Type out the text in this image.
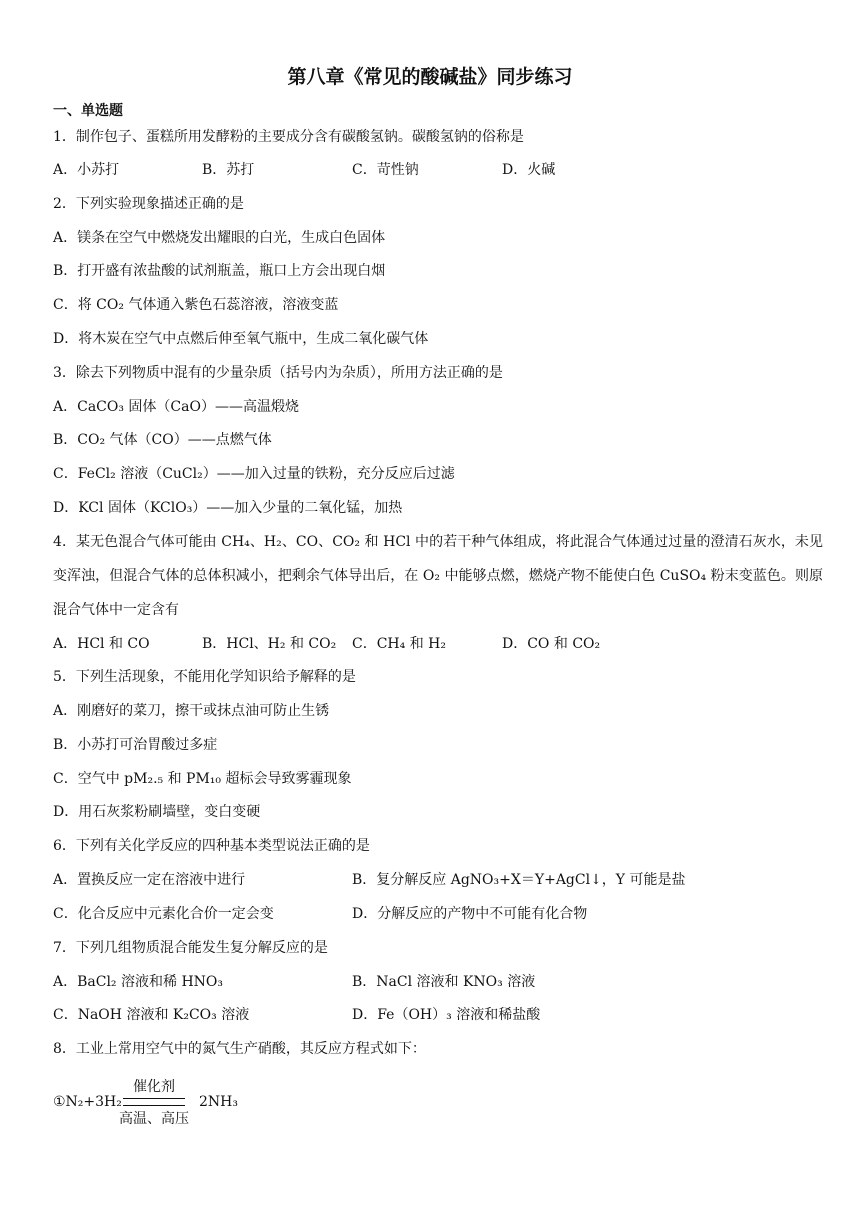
第八章《常见的酸碱盐》同步练习
一、单选题
1．制作包子、蛋糕所用发酵粉的主要成分含有碳酸氢钠。碳酸氢钠的俗称是
A．小苏打	B．苏打	C．苛性钠	D．火碱
2．下列实验现象描述正确的是
A．镁条在空气中燃烧发出耀眼的白光，生成白色固体
B．打开盛有浓盐酸的试剂瓶盖，瓶口上方会出现白烟
C．将 CO₂ 气体通入紫色石蕊溶液，溶液变蓝
D．将木炭在空气中点燃后伸至氧气瓶中，生成二氧化碳气体
3．除去下列物质中混有的少量杂质（括号内为杂质），所用方法正确的是
A．CaCO₃ 固体（CaO）——高温煅烧
B．CO₂ 气体（CO）——点燃气体
C．FeCl₂ 溶液（CuCl₂）——加入过量的铁粉，充分反应后过滤
D．KCl 固体（KClO₃）——加入少量的二氧化锰，加热
4．某无色混合气体可能由 CH₄、H₂、CO、CO₂ 和 HCl 中的若干种气体组成，将此混合气体通过过量的澄清石灰水，未见变浑浊，但混合气体的总体积减小，把剩余气体导出后，在 O₂ 中能够点燃，燃烧产物不能使白色 CuSO₄ 粉末变蓝色。则原混合气体中一定含有
A．HCl 和 CO	B．HCl、H₂ 和 CO₂ C．CH₄ 和 H₂	D．CO 和 CO₂
5．下列生活现象，不能用化学知识给予解释的是
A．刚磨好的菜刀，擦干或抹点油可防止生锈
B．小苏打可治胃酸过多症
C．空气中 pM₂.₅ 和 PM₁₀ 超标会导致雾霾现象
D．用石灰浆粉刷墙壁，变白变硬
6．下列有关化学反应的四种基本类型说法正确的是
A．置换反应一定在溶液中进行	B．复分解反应 AgNO₃+X＝Y+AgCl↓，Y 可能是盐
C．化合反应中元素化合价一定会变	D．分解反应的产物中不可能有化合物
7．下列几组物质混合能发生复分解反应的是
A．BaCl₂ 溶液和稀 HNO₃	B．NaCl 溶液和 KNO₃ 溶液
C．NaOH 溶液和 K₂CO₃ 溶液	D．Fe（OH）₃ 溶液和稀盐酸
8．工业上常用空气中的氮气生产硝酸，其反应方程式如下：
①N₂+3H₂
催化剂
高温、高压
2NH₃
